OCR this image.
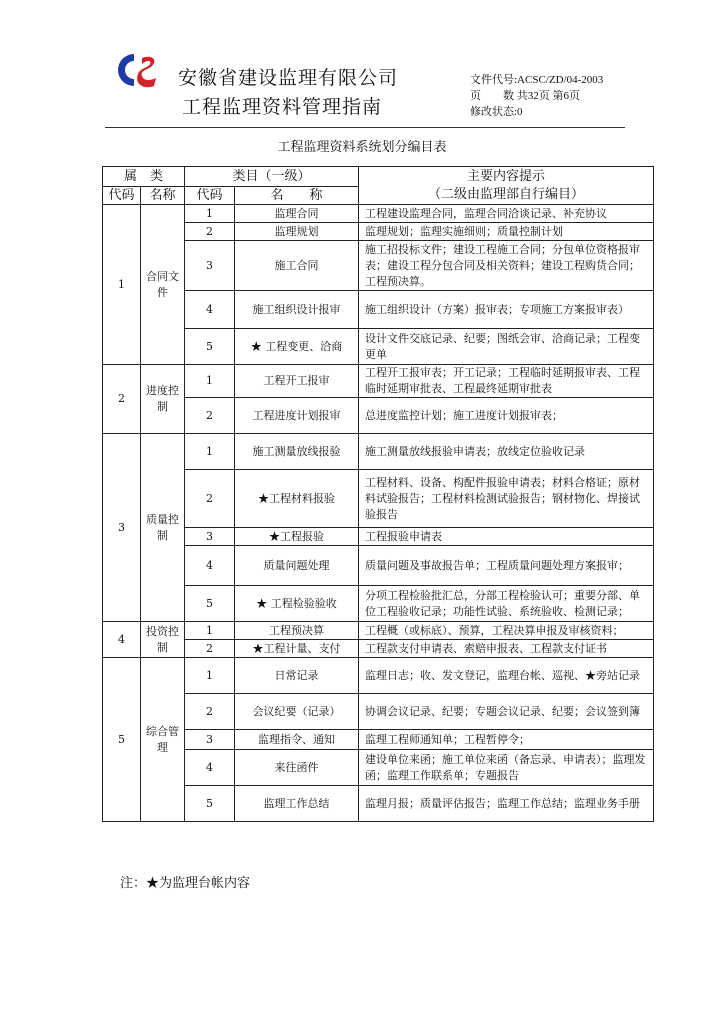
安徽省建设监理有限公司
工程监理资料管理指南
文件代号:ACSC/ZD/04-2003
页　　数 共32页 第6页
修改状态:0
工程监理资料系统划分编目表
属　类		类目（一级）		主要内容提示
（二级由监理部自行编目）

代码	名称	代码	名　　称	
1	合同文件	1	监理合同	工程建设监理合同，监理合同洽谈记录、补充协议
		2	监理规划	监理规划；监理实施细则；质量控制计划
		3	施工合同	施工招投标文件；建设工程施工合同；分包单位资格报审表；建设工程分包合同及相关资料；建设工程购货合同；工程预决算。
		4	施工组织设计报审	施工组织设计（方案）报审表；专项施工方案报审表）
		5	★ 工程变更、洽商	设计文件交底记录、纪要；图纸会审、洽商记录；工程变更单
2	进度控制	1	工程开工报审	工程开工报审表；开工记录；工程临时延期报审表、工程临时延期审批表、工程最终延期审批表
		2	工程进度计划报审	总进度监控计划；施工进度计划报审表；
3	质量控制	1	施工测量放线报验	施工测量放线报验申请表；放线定位验收记录
		2	★工程材料报验	工程材料、设备、构配件报验申请表；材料合格证；原材料试验报告；工程材料检测试验报告；钢材物化、焊接试验报告
		3	★工程报验	工程报验申请表
		4	质量问题处理	质量问题及事故报告单；工程质量问题处理方案报审；
		5	★ 工程检验验收	分项工程检验批汇总，分部工程检验认可；重要分部、单位工程验收记录；功能性试验、系统验收、检测记录；
4	投资控制	1	工程预决算	工程概（或标底）、预算，工程决算申报及审核资料；
		2	★工程计量、支付	工程款支付申请表、索赔申报表、工程款支付证书
5	综合管理	1	日常记录	监理日志；收、发文登记，监理台帐、巡视、★旁站记录
		2	会议纪要（记录）	协调会议记录、纪要；专题会议记录、纪要；会议签到簿
		3	监理指令、通知	监理工程师通知单；工程暂停令；
		4	来往函件	建设单位来函；施工单位来函（备忘录、申请表）；监理发函；监理工作联系单；专题报告
		5	监理工作总结	监理月报；质量评估报告；监理工作总结；监理业务手册
注：★为监理台帐内容
